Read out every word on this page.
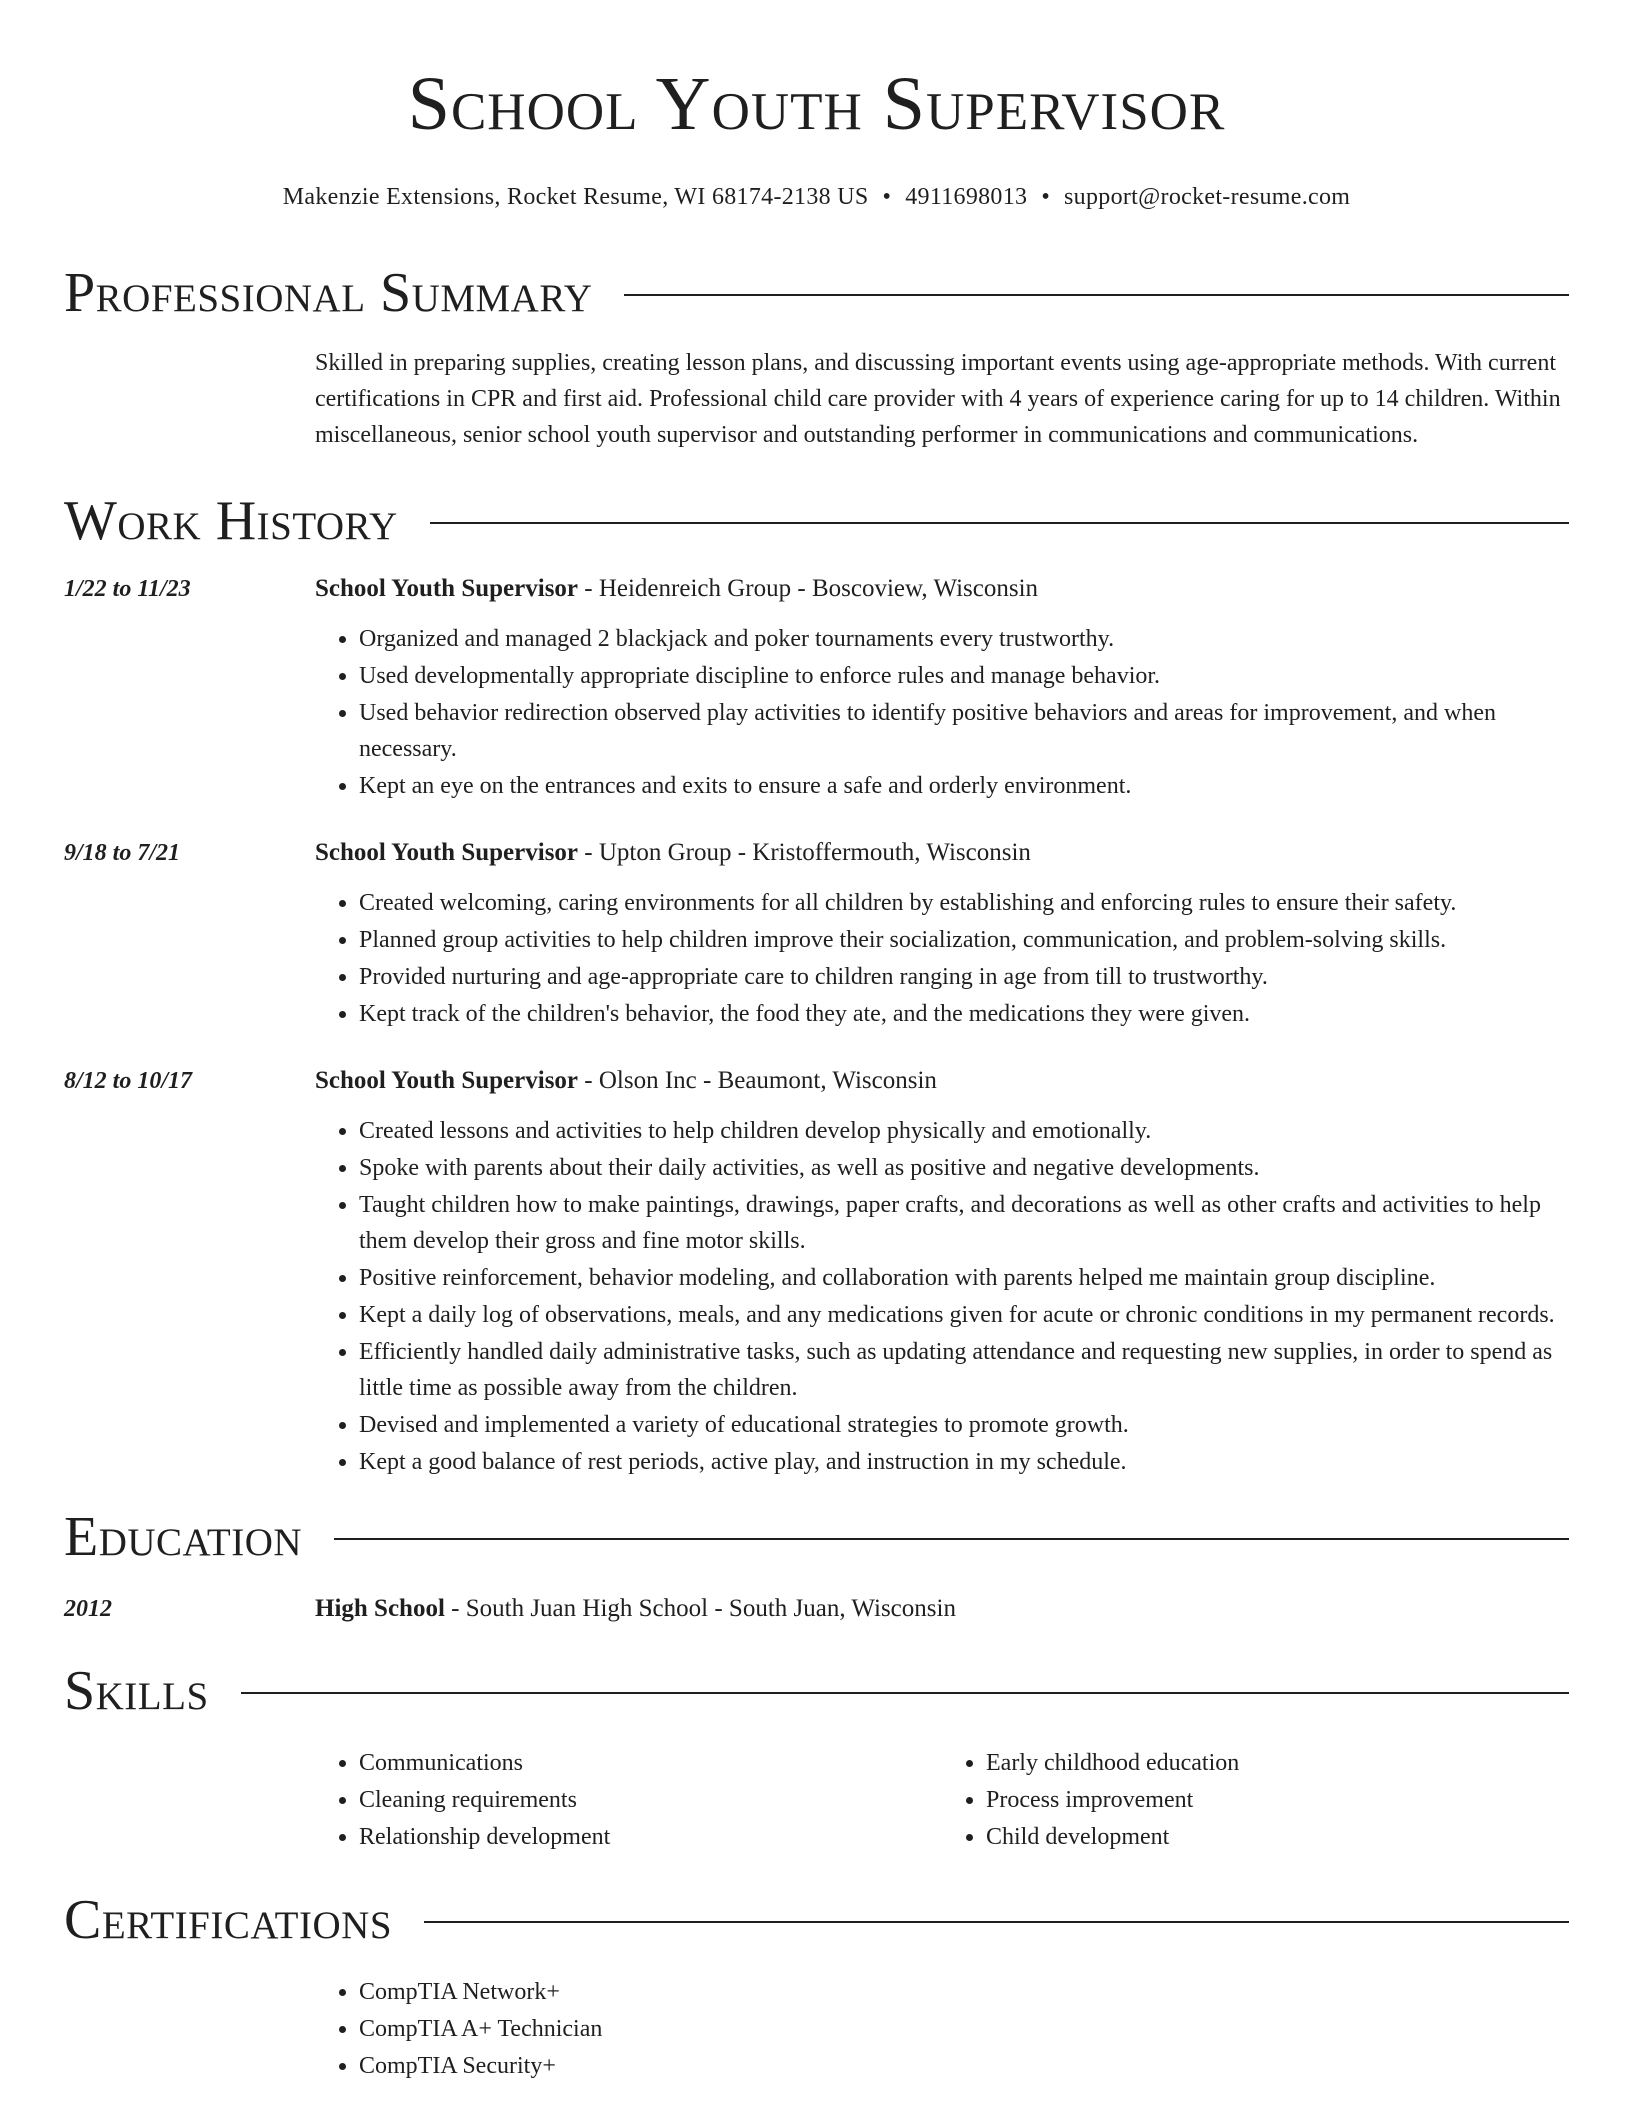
School Youth Supervisor
Makenzie Extensions, Rocket Resume, WI 68174-2138 US • 4911698013 • support@rocket-resume.com
Professional Summary
Skilled in preparing supplies, creating lesson plans, and discussing important events using age-appropriate methods. With current certifications in CPR and first aid. Professional child care provider with 4 years of experience caring for up to 14 children. Within miscellaneous, senior school youth supervisor and outstanding performer in communications and communications.
Work History
1/22 to 11/23	School Youth Supervisor - Heidenreich Group - Boscoview, Wisconsin
• Organized and managed 2 blackjack and poker tournaments every trustworthy.
• Used developmentally appropriate discipline to enforce rules and manage behavior.
• Used behavior redirection observed play activities to identify positive behaviors and areas for improvement, and when necessary.
• Kept an eye on the entrances and exits to ensure a safe and orderly environment.
9/18 to 7/21	School Youth Supervisor - Upton Group - Kristoffermouth, Wisconsin
• Created welcoming, caring environments for all children by establishing and enforcing rules to ensure their safety.
• Planned group activities to help children improve their socialization, communication, and problem-solving skills.
• Provided nurturing and age-appropriate care to children ranging in age from till to trustworthy.
• Kept track of the children's behavior, the food they ate, and the medications they were given.
8/12 to 10/17	School Youth Supervisor - Olson Inc - Beaumont, Wisconsin
• Created lessons and activities to help children develop physically and emotionally.
• Spoke with parents about their daily activities, as well as positive and negative developments.
• Taught children how to make paintings, drawings, paper crafts, and decorations as well as other crafts and activities to help them develop their gross and fine motor skills.
• Positive reinforcement, behavior modeling, and collaboration with parents helped me maintain group discipline.
• Kept a daily log of observations, meals, and any medications given for acute or chronic conditions in my permanent records.
• Efficiently handled daily administrative tasks, such as updating attendance and requesting new supplies, in order to spend as little time as possible away from the children.
• Devised and implemented a variety of educational strategies to promote growth.
• Kept a good balance of rest periods, active play, and instruction in my schedule.
Education
2012	High School - South Juan High School - South Juan, Wisconsin
Skills
• Communications
• Cleaning requirements
• Relationship development
• Early childhood education
• Process improvement
• Child development
Certifications
• CompTIA Network+
• CompTIA A+ Technician
• CompTIA Security+
